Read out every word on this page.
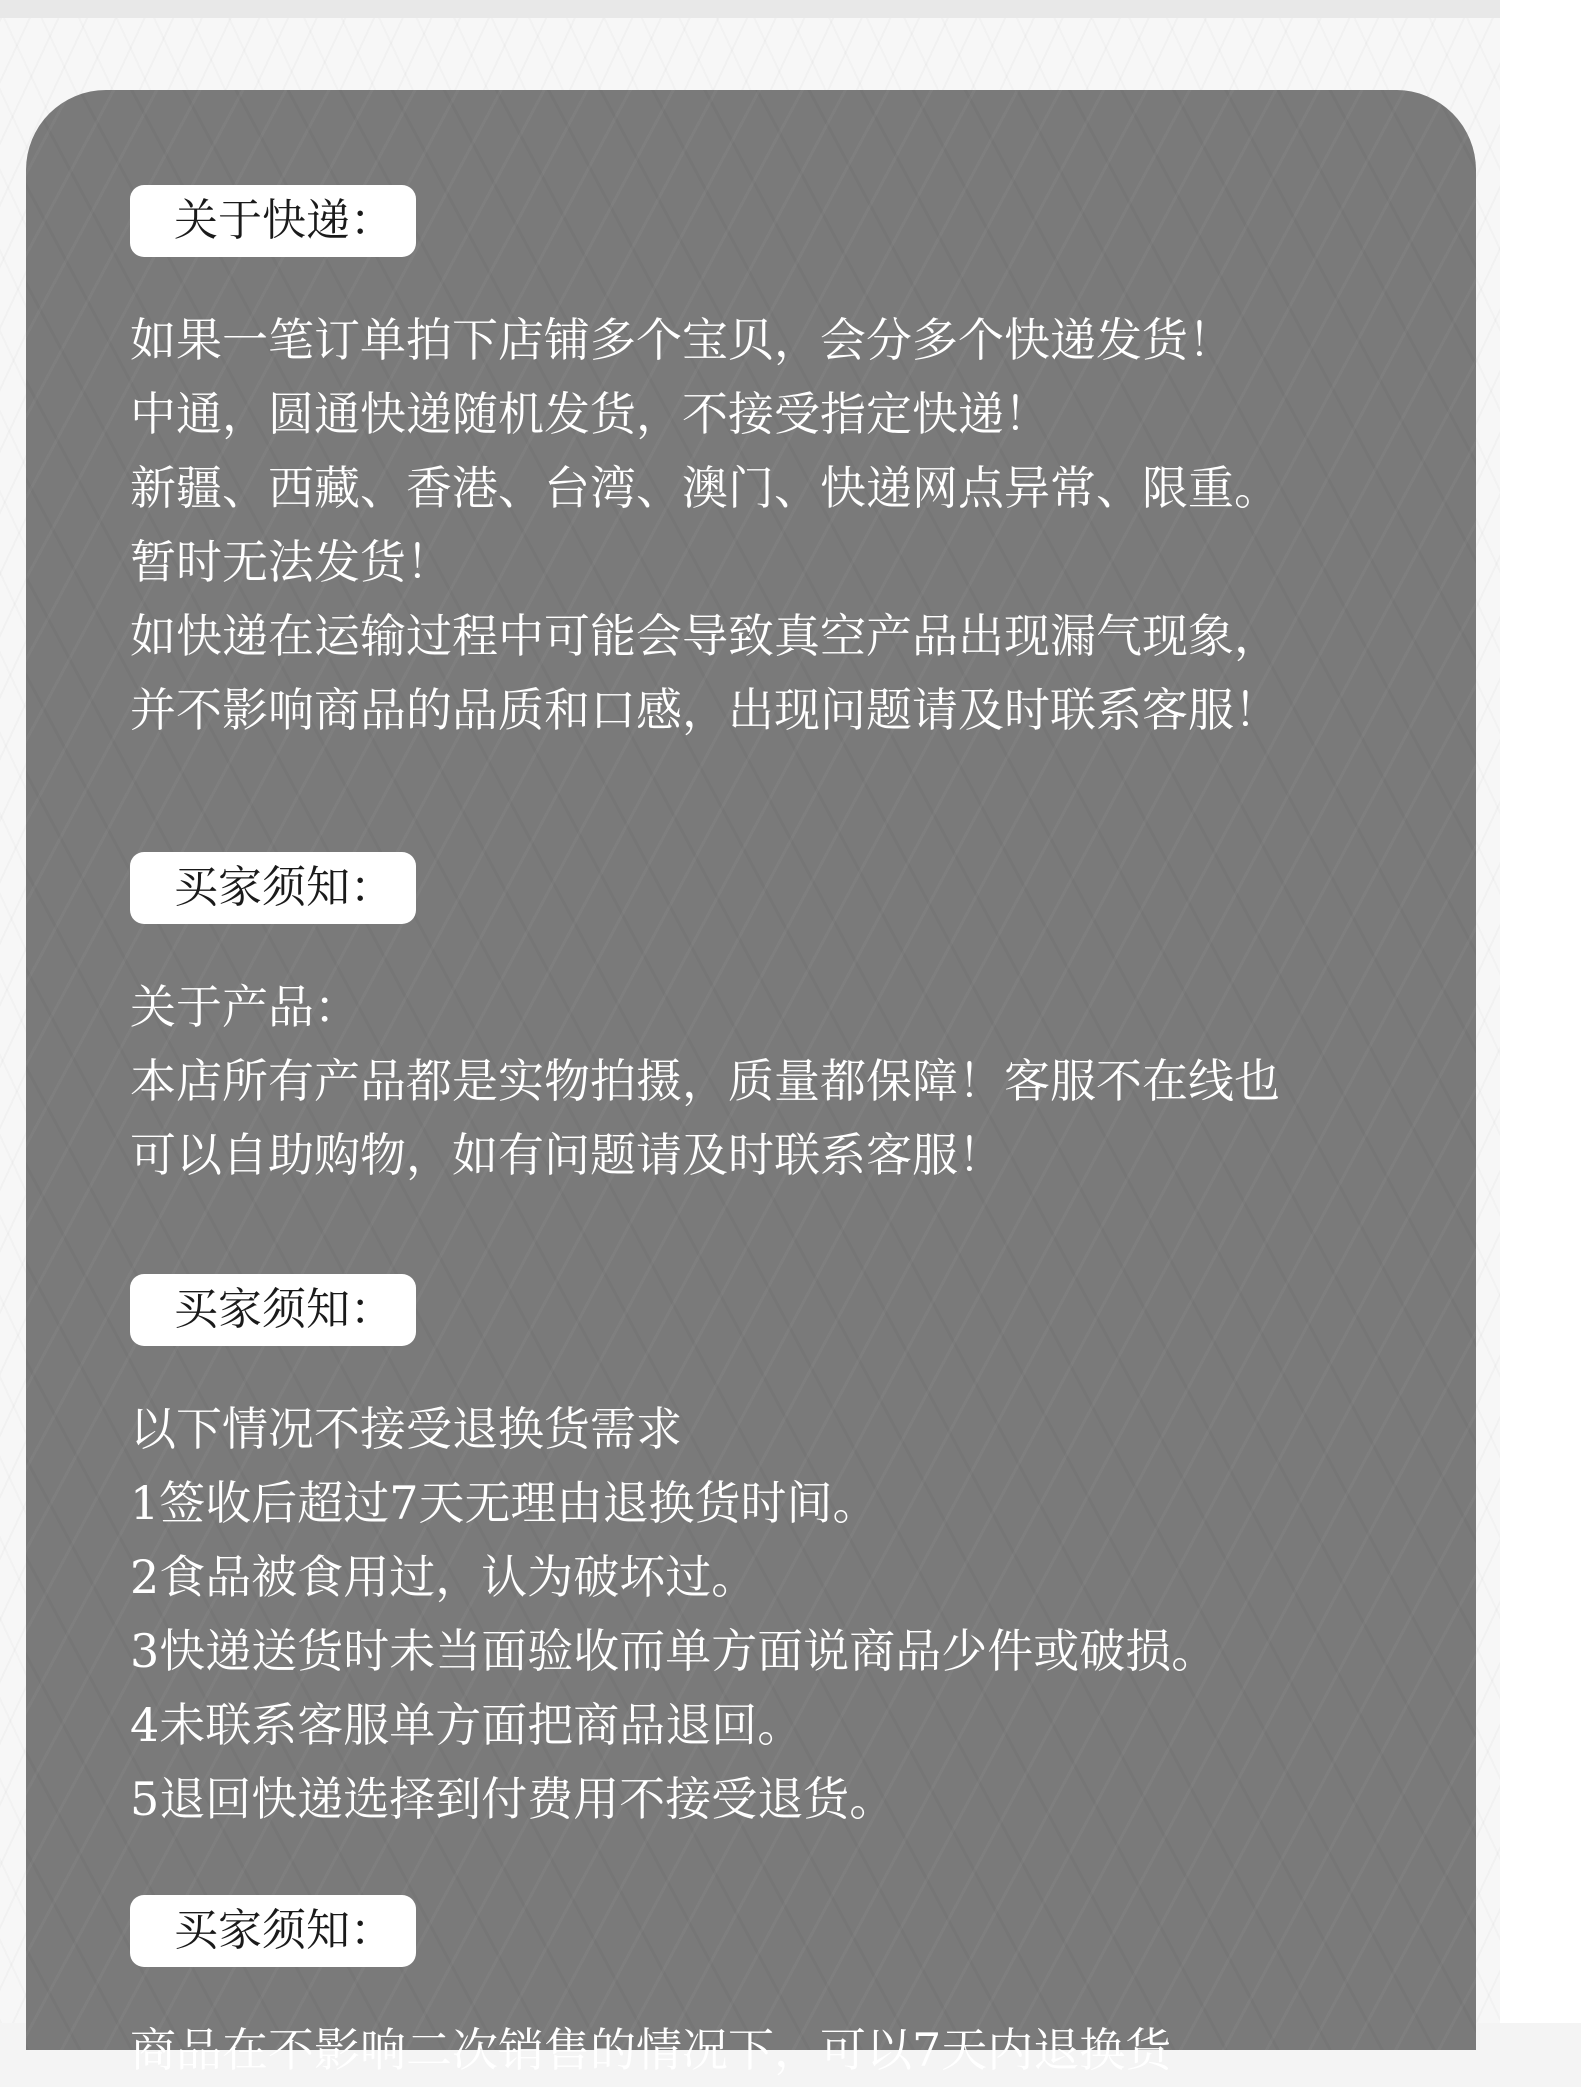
关于快递：
如果一笔订单拍下店铺多个宝贝，会分多个快递发货！
中通，圆通快递随机发货，不接受指定快递！
新疆、西藏、香港、台湾、澳门、快递网点异常、限重。
暂时无法发货！
如快递在运输过程中可能会导致真空产品出现漏气现象，
并不影响商品的品质和口感，出现问题请及时联系客服！
买家须知：
关于产品：
本店所有产品都是实物拍摄，质量都保障！客服不在线也
可以自助购物，如有问题请及时联系客服！
买家须知：
以下情况不接受退换货需求
1签收后超过7天无理由退换货时间。
2食品被食用过，认为破坏过。
3快递送货时未当面验收而单方面说商品少件或破损。
4未联系客服单方面把商品退回。
5退回快递选择到付费用不接受退货。
买家须知：
商品在不影响二次销售的情况下，可以7天内退换货
